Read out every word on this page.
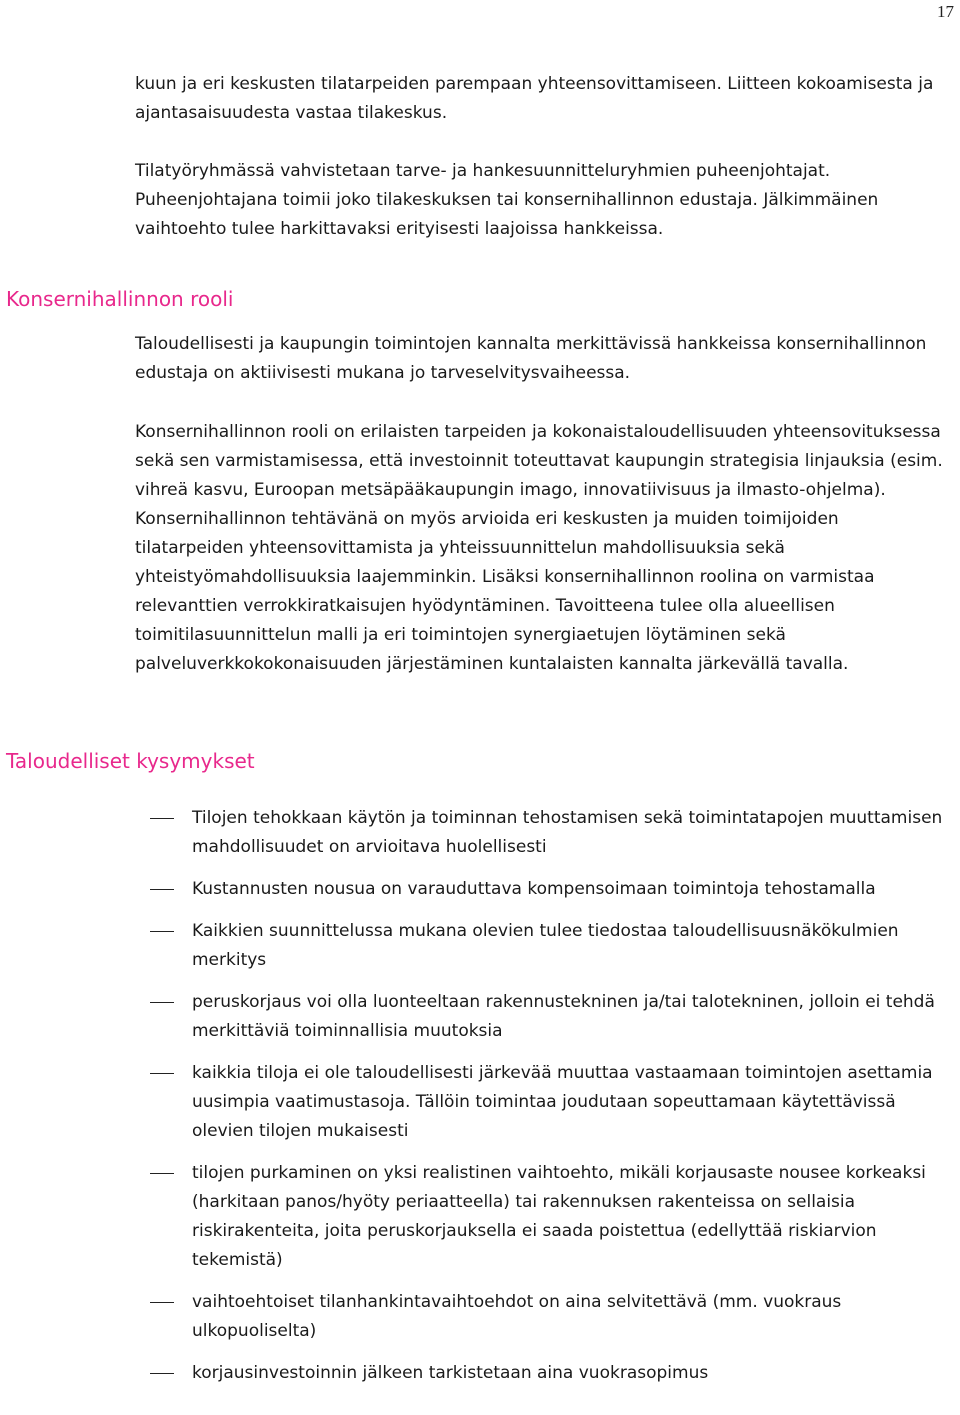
17

kuun ja eri keskusten tilatarpeiden parempaan yhteensovittamiseen. Liitteen kokoamisesta ja ajantasaisuudesta vastaa tilakeskus.

Tilatyöryhmässä vahvistetaan tarve- ja hankesuunnitteluryhmien puheenjohtajat. Puheenjohtajana toimii joko tilakeskuksen tai konsernihallinnon edustaja. Jälkimmäinen vaihtoehto tulee harkittavaksi erityisesti laajoissa hankkeissa.

Konsernihallinnon rooli

Taloudellisesti ja kaupungin toimintojen kannalta merkittävissä hankkeissa konsernihallinnon edustaja on aktiivisesti mukana jo tarveselvitysvaiheessa.

Konsernihallinnon rooli on erilaisten tarpeiden ja kokonaistaloudellisuuden yhteensovituksessa sekä sen varmistamisessa, että investoinnit toteuttavat kaupungin strategisia linjauksia (esim. vihreä kasvu, Euroopan metsäpääkaupungin imago, innovatiivisuus ja ilmasto-ohjelma). Konsernihallinnon tehtävänä on myös arvioida eri keskusten ja muiden toimijoiden tilatarpeiden yhteensovittamista ja yhteissuunnittelun mahdollisuuksia sekä yhteistyömahdollisuuksia laajemminkin. Lisäksi konsernihallinnon roolina on varmistaa relevanttien verrokkiratkaisujen hyödyntäminen. Tavoitteena tulee olla alueellisen toimitilasuunnittelun malli ja eri toimintojen synergiaetujen löytäminen sekä palveluverkkokokonaisuuden järjestäminen kuntalaisten kannalta järkevällä tavalla.

Taloudelliset kysymykset
Tilojen tehokkaan käytön ja toiminnan tehostamisen sekä toimintatapojen muuttamisen mahdollisuudet on arvioitava huolellisesti
Kustannusten nousua on varauduttava kompensoimaan toimintoja tehostamalla
Kaikkien suunnittelussa mukana olevien tulee tiedostaa taloudellisuusnäkökulmien merkitys
peruskorjaus voi olla luonteeltaan rakennustekninen ja/tai talotekninen, jolloin ei tehdä merkittäviä toiminnallisia muutoksia
kaikkia tiloja ei ole taloudellisesti järkevää muuttaa vastaamaan toimintojen asettamia uusimpia vaatimustasoja. Tällöin toimintaa joudutaan sopeuttamaan käytettävissä olevien tilojen mukaisesti
tilojen purkaminen on yksi realistinen vaihtoehto, mikäli korjausaste nousee korkeaksi (harkitaan panos/hyöty periaatteella) tai rakennuksen rakenteissa on sellaisia riskirakenteita, joita peruskorjauksella ei saada poistettua (edellyttää riskiarvion tekemistä)
vaihtoehtoiset tilanhankintavaihtoehdot on aina selvitettävä (mm. vuokraus ulkopuoliselta)
korjausinvestoinnin jälkeen tarkistetaan aina vuokrasopimus
